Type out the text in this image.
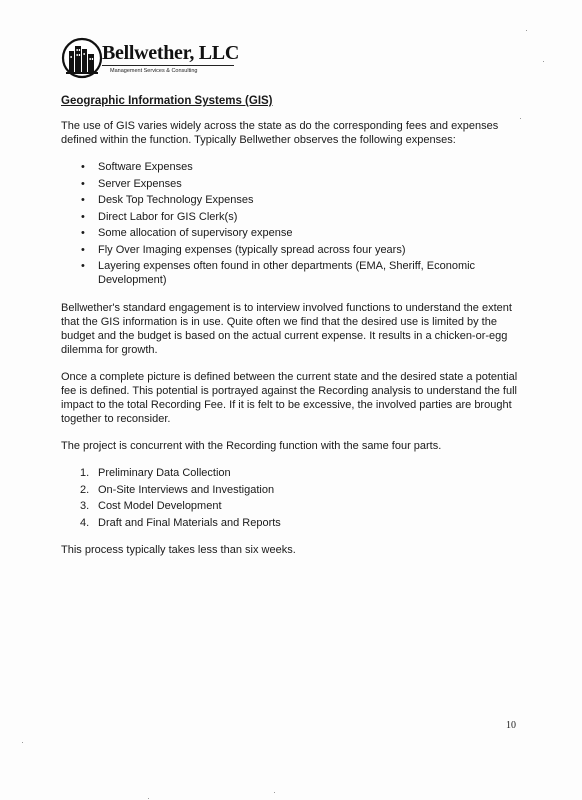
Bellwether, LLC
Management Services & Consulting
Geographic Information Systems (GIS)

The use of GIS varies widely across the state as do the corresponding fees and expenses defined within the function. Typically Bellwether observes the following expenses:

• Software Expenses
• Server Expenses
• Desk Top Technology Expenses
• Direct Labor for GIS Clerk(s)
• Some allocation of supervisory expense
• Fly Over Imaging expenses (typically spread across four years)
• Layering expenses often found in other departments (EMA, Sheriff, Economic Development)

Bellwether's standard engagement is to interview involved functions to understand the extent that the GIS information is in use. Quite often we find that the desired use is limited by the budget and the budget is based on the actual current expense. It results in a chicken-or-egg dilemma for growth.

Once a complete picture is defined between the current state and the desired state a potential fee is defined. This potential is portrayed against the Recording analysis to understand the full impact to the total Recording Fee. If it is felt to be excessive, the involved parties are brought together to reconsider.

The project is concurrent with the Recording function with the same four parts.

1. Preliminary Data Collection
2. On-Site Interviews and Investigation
3. Cost Model Development
4. Draft and Final Materials and Reports

This process typically takes less than six weeks.

10
